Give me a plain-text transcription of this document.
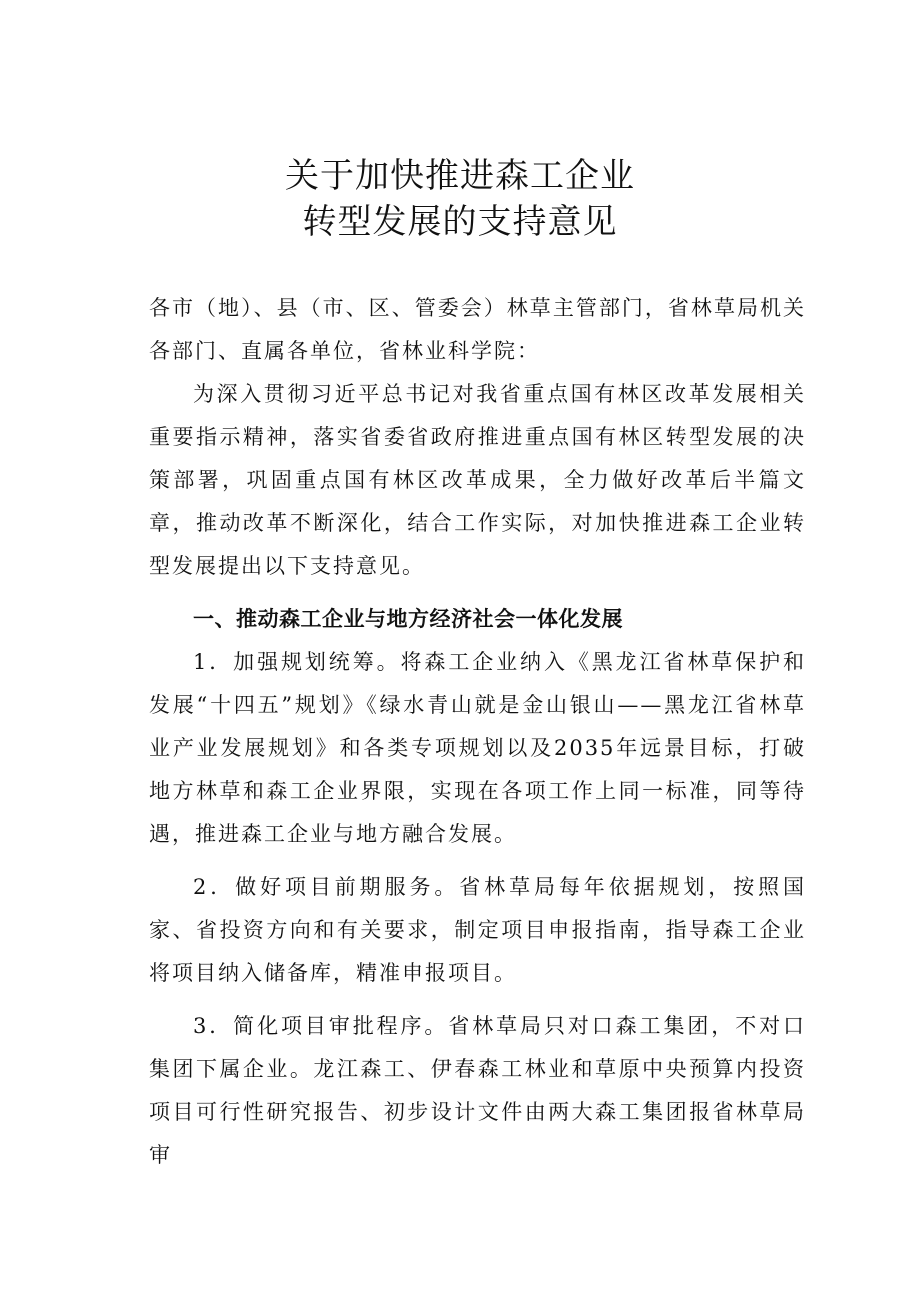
关于加快推进森工企业
转型发展的支持意见

各市（地）、县（市、区、管委会）林草主管部门，省林草局机关各部门、直属各单位，省林业科学院：

为深入贯彻习近平总书记对我省重点国有林区改革发展相关重要指示精神，落实省委省政府推进重点国有林区转型发展的决策部署，巩固重点国有林区改革成果，全力做好改革后半篇文章，推动改革不断深化，结合工作实际，对加快推进森工企业转型发展提出以下支持意见。

一、推动森工企业与地方经济社会一体化发展

1．加强规划统筹。将森工企业纳入《黑龙江省林草保护和发展“十四五”规划》《绿水青山就是金山银山——黑龙江省林草业产业发展规划》和各类专项规划以及2035年远景目标，打破地方林草和森工企业界限，实现在各项工作上同一标准，同等待遇，推进森工企业与地方融合发展。

2．做好项目前期服务。省林草局每年依据规划，按照国家、省投资方向和有关要求，制定项目申报指南，指导森工企业将项目纳入储备库，精准申报项目。

3．简化项目审批程序。省林草局只对口森工集团，不对口集团下属企业。龙江森工、伊春森工林业和草原中央预算内投资项目可行性研究报告、初步设计文件由两大森工集团报省林草局审
